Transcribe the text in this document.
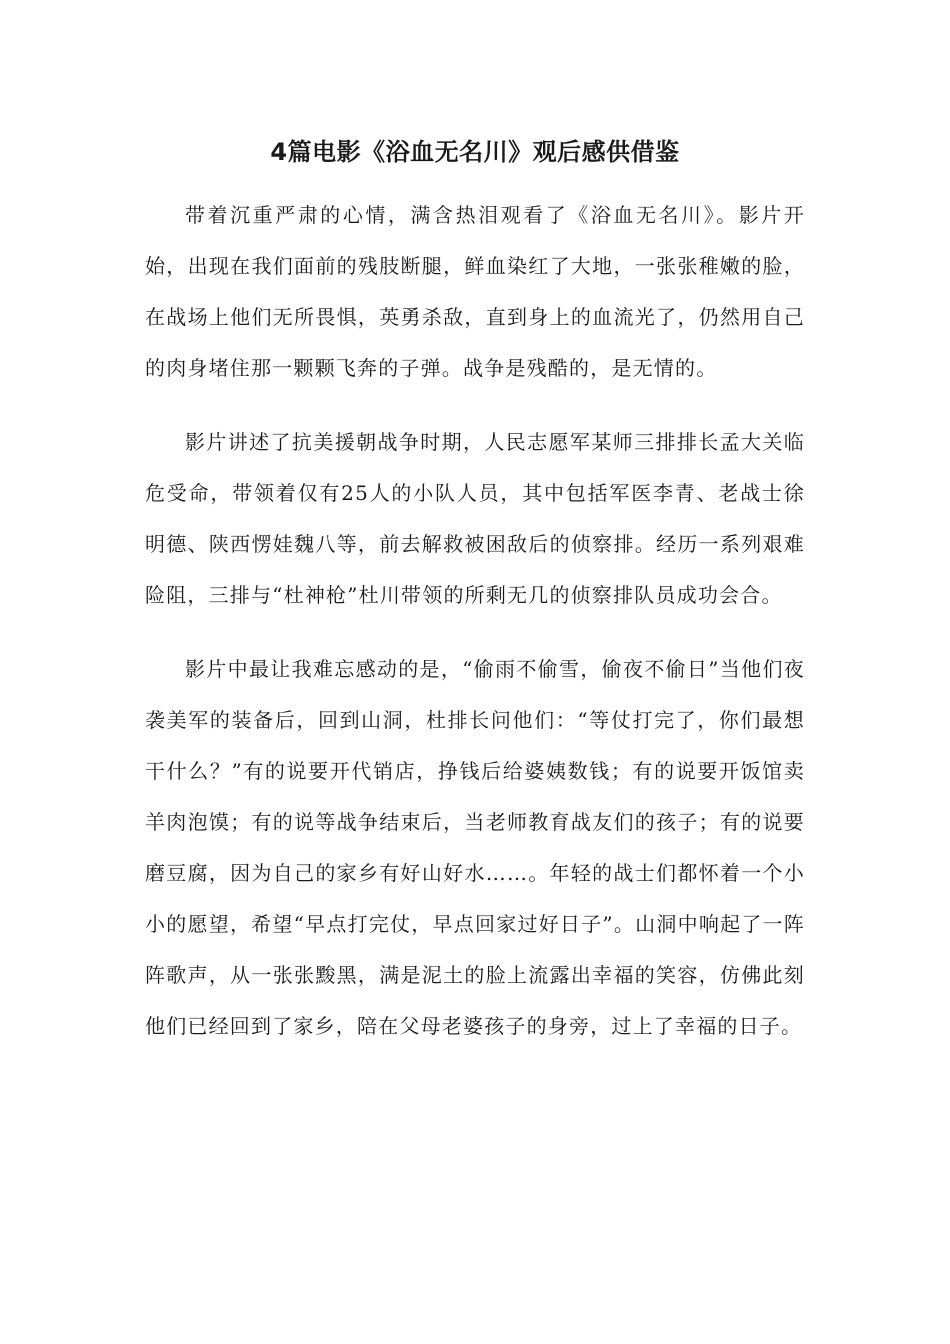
4篇电影《浴血无名川》观后感供借鉴

带着沉重严肃的心情，满含热泪观看了《浴血无名川》。影片开始，出现在我们面前的残肢断腿，鲜血染红了大地，一张张稚嫩的脸，在战场上他们无所畏惧，英勇杀敌，直到身上的血流光了，仍然用自己的肉身堵住那一颗颗飞奔的子弹。战争是残酷的，是无情的。

影片讲述了抗美援朝战争时期，人民志愿军某师三排排长孟大关临危受命，带领着仅有25人的小队人员，其中包括军医李青、老战士徐明德、陕西愣娃魏八等，前去解救被困敌后的侦察排。经历一系列艰难险阻，三排与“杜神枪”杜川带领的所剩无几的侦察排队员成功会合。

影片中最让我难忘感动的是，“偷雨不偷雪，偷夜不偷日”当他们夜袭美军的装备后，回到山洞，杜排长问他们：“等仗打完了，你们最想干什么？”有的说要开代销店，挣钱后给婆姨数钱；有的说要开饭馆卖羊肉泡馍；有的说等战争结束后，当老师教育战友们的孩子；有的说要磨豆腐，因为自己的家乡有好山好水……。年轻的战士们都怀着一个小小的愿望，希望“早点打完仗，早点回家过好日子”。山洞中响起了一阵阵歌声，从一张张黢黑，满是泥土的脸上流露出幸福的笑容，仿佛此刻他们已经回到了家乡，陪在父母老婆孩子的身旁，过上了幸福的日子。
